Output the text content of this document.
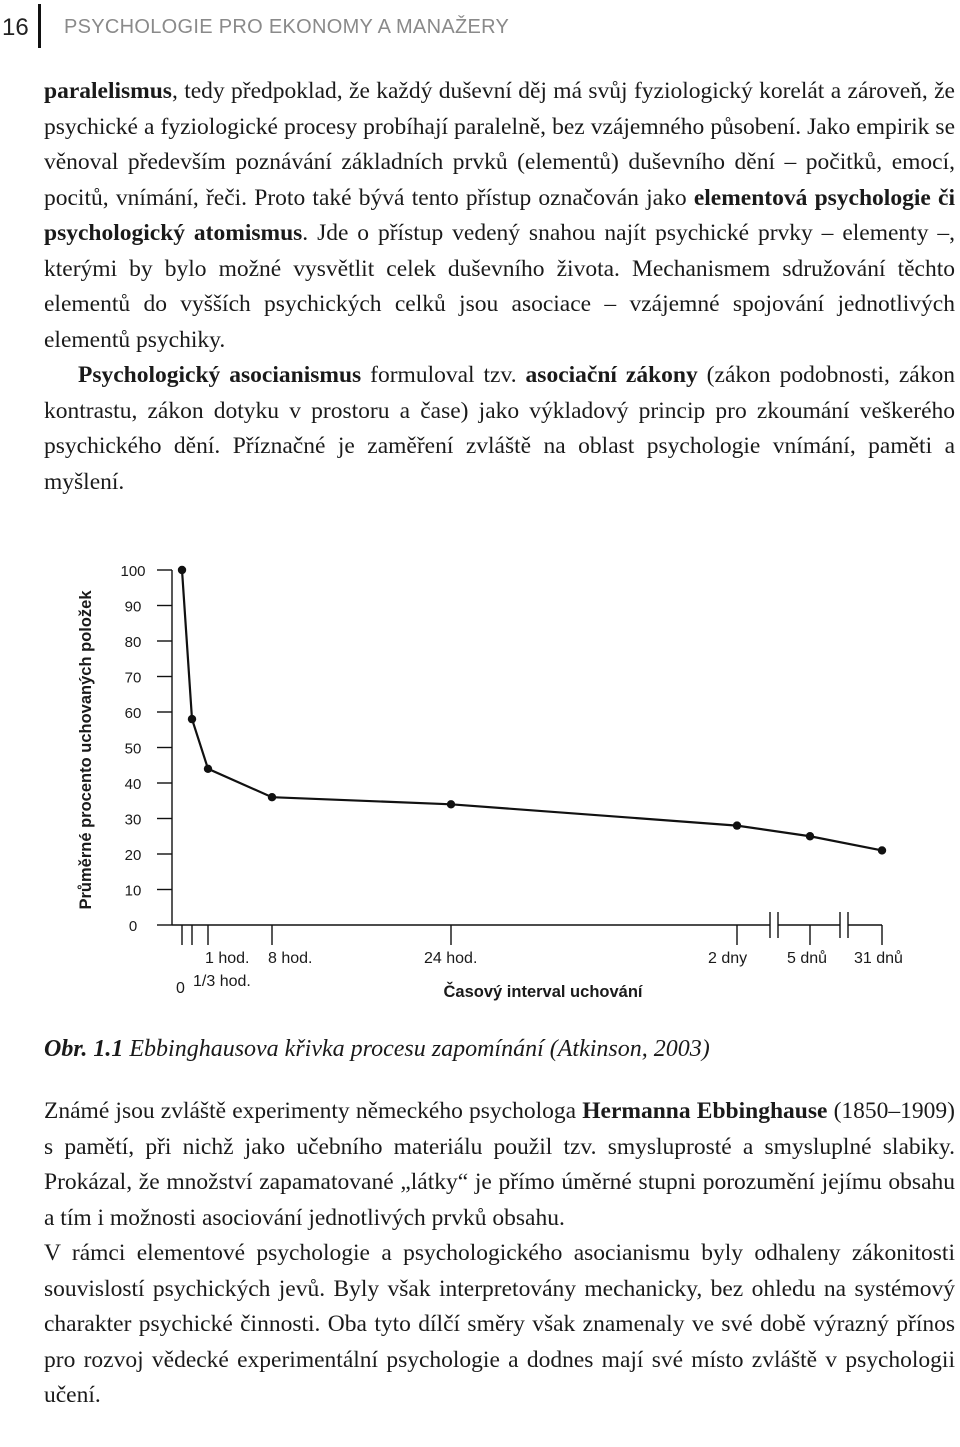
16 PSYCHOLOGIE PRO EKONOMY A MANAŽERY

paralelismus, tedy předpoklad, že každý duševní děj má svůj fyziologický korelát a zároveň, že psychické a fyziologické procesy probíhají paralelně, bez vzájemného působení. Jako empirik se věnoval především poznávání základních prvků (elementů) duševního dění – počitků, emocí, pocitů, vnímání, řeči. Proto také bývá tento přístup označován jako elementová psychologie či psychologický atomismus. Jde o přístup vedený snahou najít psychické prvky – elementy –, kterými by bylo možné vysvětlit celek duševního života. Mechanismem sdružování těchto elementů do vyšších psychických celků jsou asociace – vzájemné spojování jednotlivých elementů psychiky.

Psychologický asocianismus formuloval tzv. asociační zákony (zákon podobnosti, zákon kontrastu, zákon dotyku v prostoru a čase) jako výkladový princip pro zkoumání veškerého psychického dění. Příznačné je zaměření zvláště na oblast psychologie vnímání, paměti a myšlení.

Průměrné procento uchovaných položek
100
90
80
70
60
50
40
30
20
10
0
0 1/3 hod.
1 hod. 8 hod.	24 hod.	2 dny 5 dnů 31 dnů
Časový interval uchování
Obr. 1.1 Ebbinghausova křivka procesu zapomínání (Atkinson, 2003)

Známé jsou zvláště experimenty německého psychologa Hermanna Ebbinghause (1850–1909) s pamětí, při nichž jako učebního materiálu použil tzv. smysluprosté a smysluplné slabiky. Prokázal, že množství zapamatované „látky“ je přímo úměrné stupni porozumění jejímu obsahu a tím i možnosti asociování jednotlivých prvků obsahu.

V rámci elementové psychologie a psychologického asocianismu byly odhaleny zákonitosti souvislostí psychických jevů. Byly však interpretovány mechanicky, bez ohledu na systémový charakter psychické činnosti. Oba tyto dílčí směry však znamenaly ve své době výrazný přínos pro rozvoj vědecké experimentální psychologie a dodnes mají své místo zvláště v psychologii učení.
